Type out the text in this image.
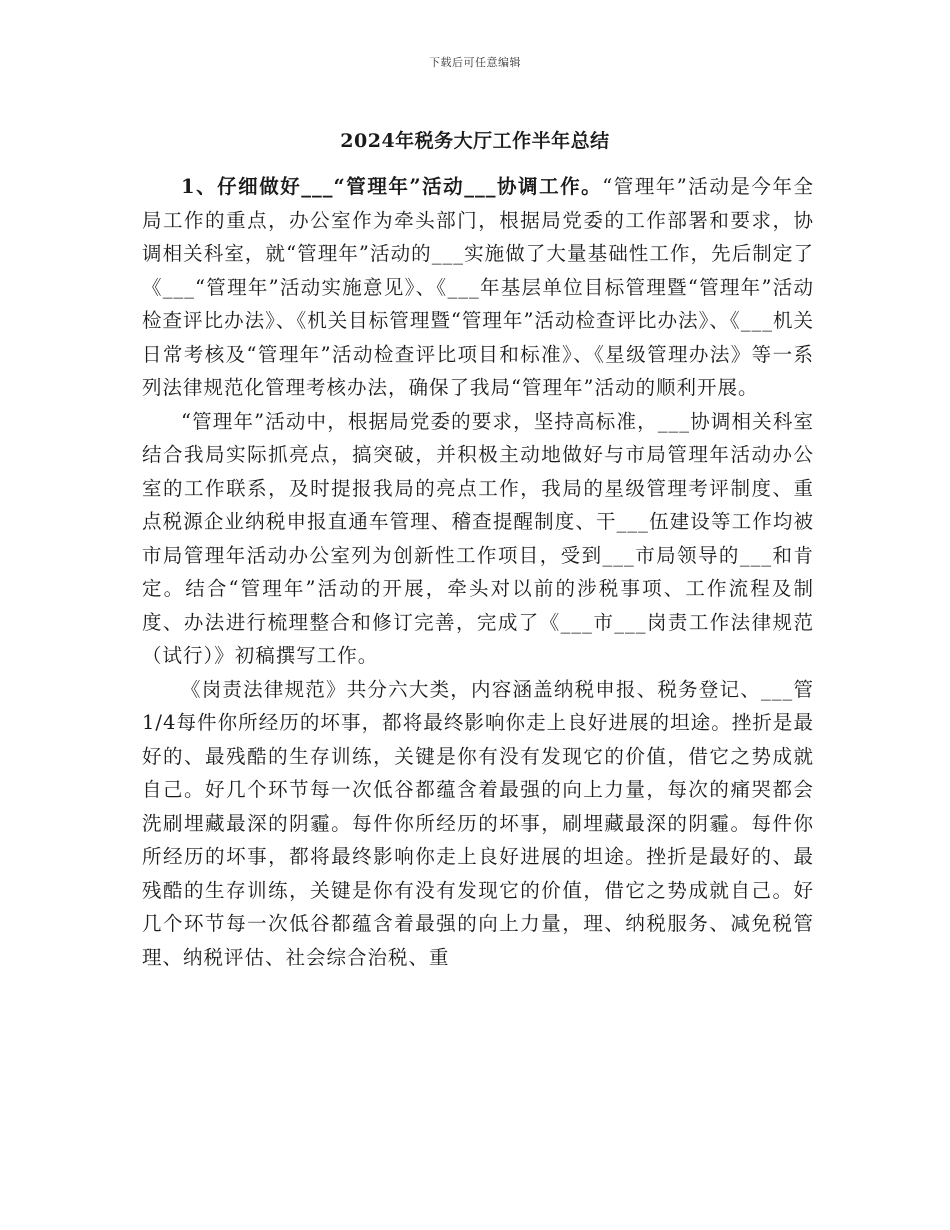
下载后可任意编辑
2024年税务大厅工作半年总结

1、仔细做好___“管理年”活动___协调工作。“管理年”活动是今年全局工作的重点，办公室作为牵头部门，根据局党委的工作部署和要求，协调相关科室，就“管理年”活动的___实施做了大量基础性工作，先后制定了《___“管理年”活动实施意见》、《___年基层单位目标管理暨“管理年”活动检查评比办法》、《机关目标管理暨“管理年”活动检查评比办法》、《___机关日常考核及“管理年”活动检查评比项目和标准》、《星级管理办法》等一系列法律规范化管理考核办法，确保了我局“管理年”活动的顺利开展。

“管理年”活动中，根据局党委的要求，坚持高标准，___协调相关科室结合我局实际抓亮点，搞突破，并积极主动地做好与市局管理年活动办公室的工作联系，及时提报我局的亮点工作，我局的星级管理考评制度、重点税源企业纳税申报直通车管理、稽查提醒制度、干___伍建设等工作均被市局管理年活动办公室列为创新性工作项目，受到___市局领导的___和肯定。结合“管理年”活动的开展，牵头对以前的涉税事项、工作流程及制度、办法进行梳理整合和修订完善，完成了《___市___岗责工作法律规范（试行）》初稿撰写工作。

《岗责法律规范》共分六大类，内容涵盖纳税申报、税务登记、___管1/4每件你所经历的坏事，都将最终影响你走上良好进展的坦途。挫折是最好的、最残酷的生存训练，关键是你有没有发现它的价值，借它之势成就自己。好几个环节每一次低谷都蕴含着最强的向上力量，每次的痛哭都会洗刷埋藏最深的阴霾。每件你所经历的坏事，刷埋藏最深的阴霾。每件你所经历的坏事，都将最终影响你走上良好进展的坦途。挫折是最好的、最残酷的生存训练，关键是你有没有发现它的价值，借它之势成就自己。好几个环节每一次低谷都蕴含着最强的向上力量，理、纳税服务、减免税管理、纳税评估、社会综合治税、重
